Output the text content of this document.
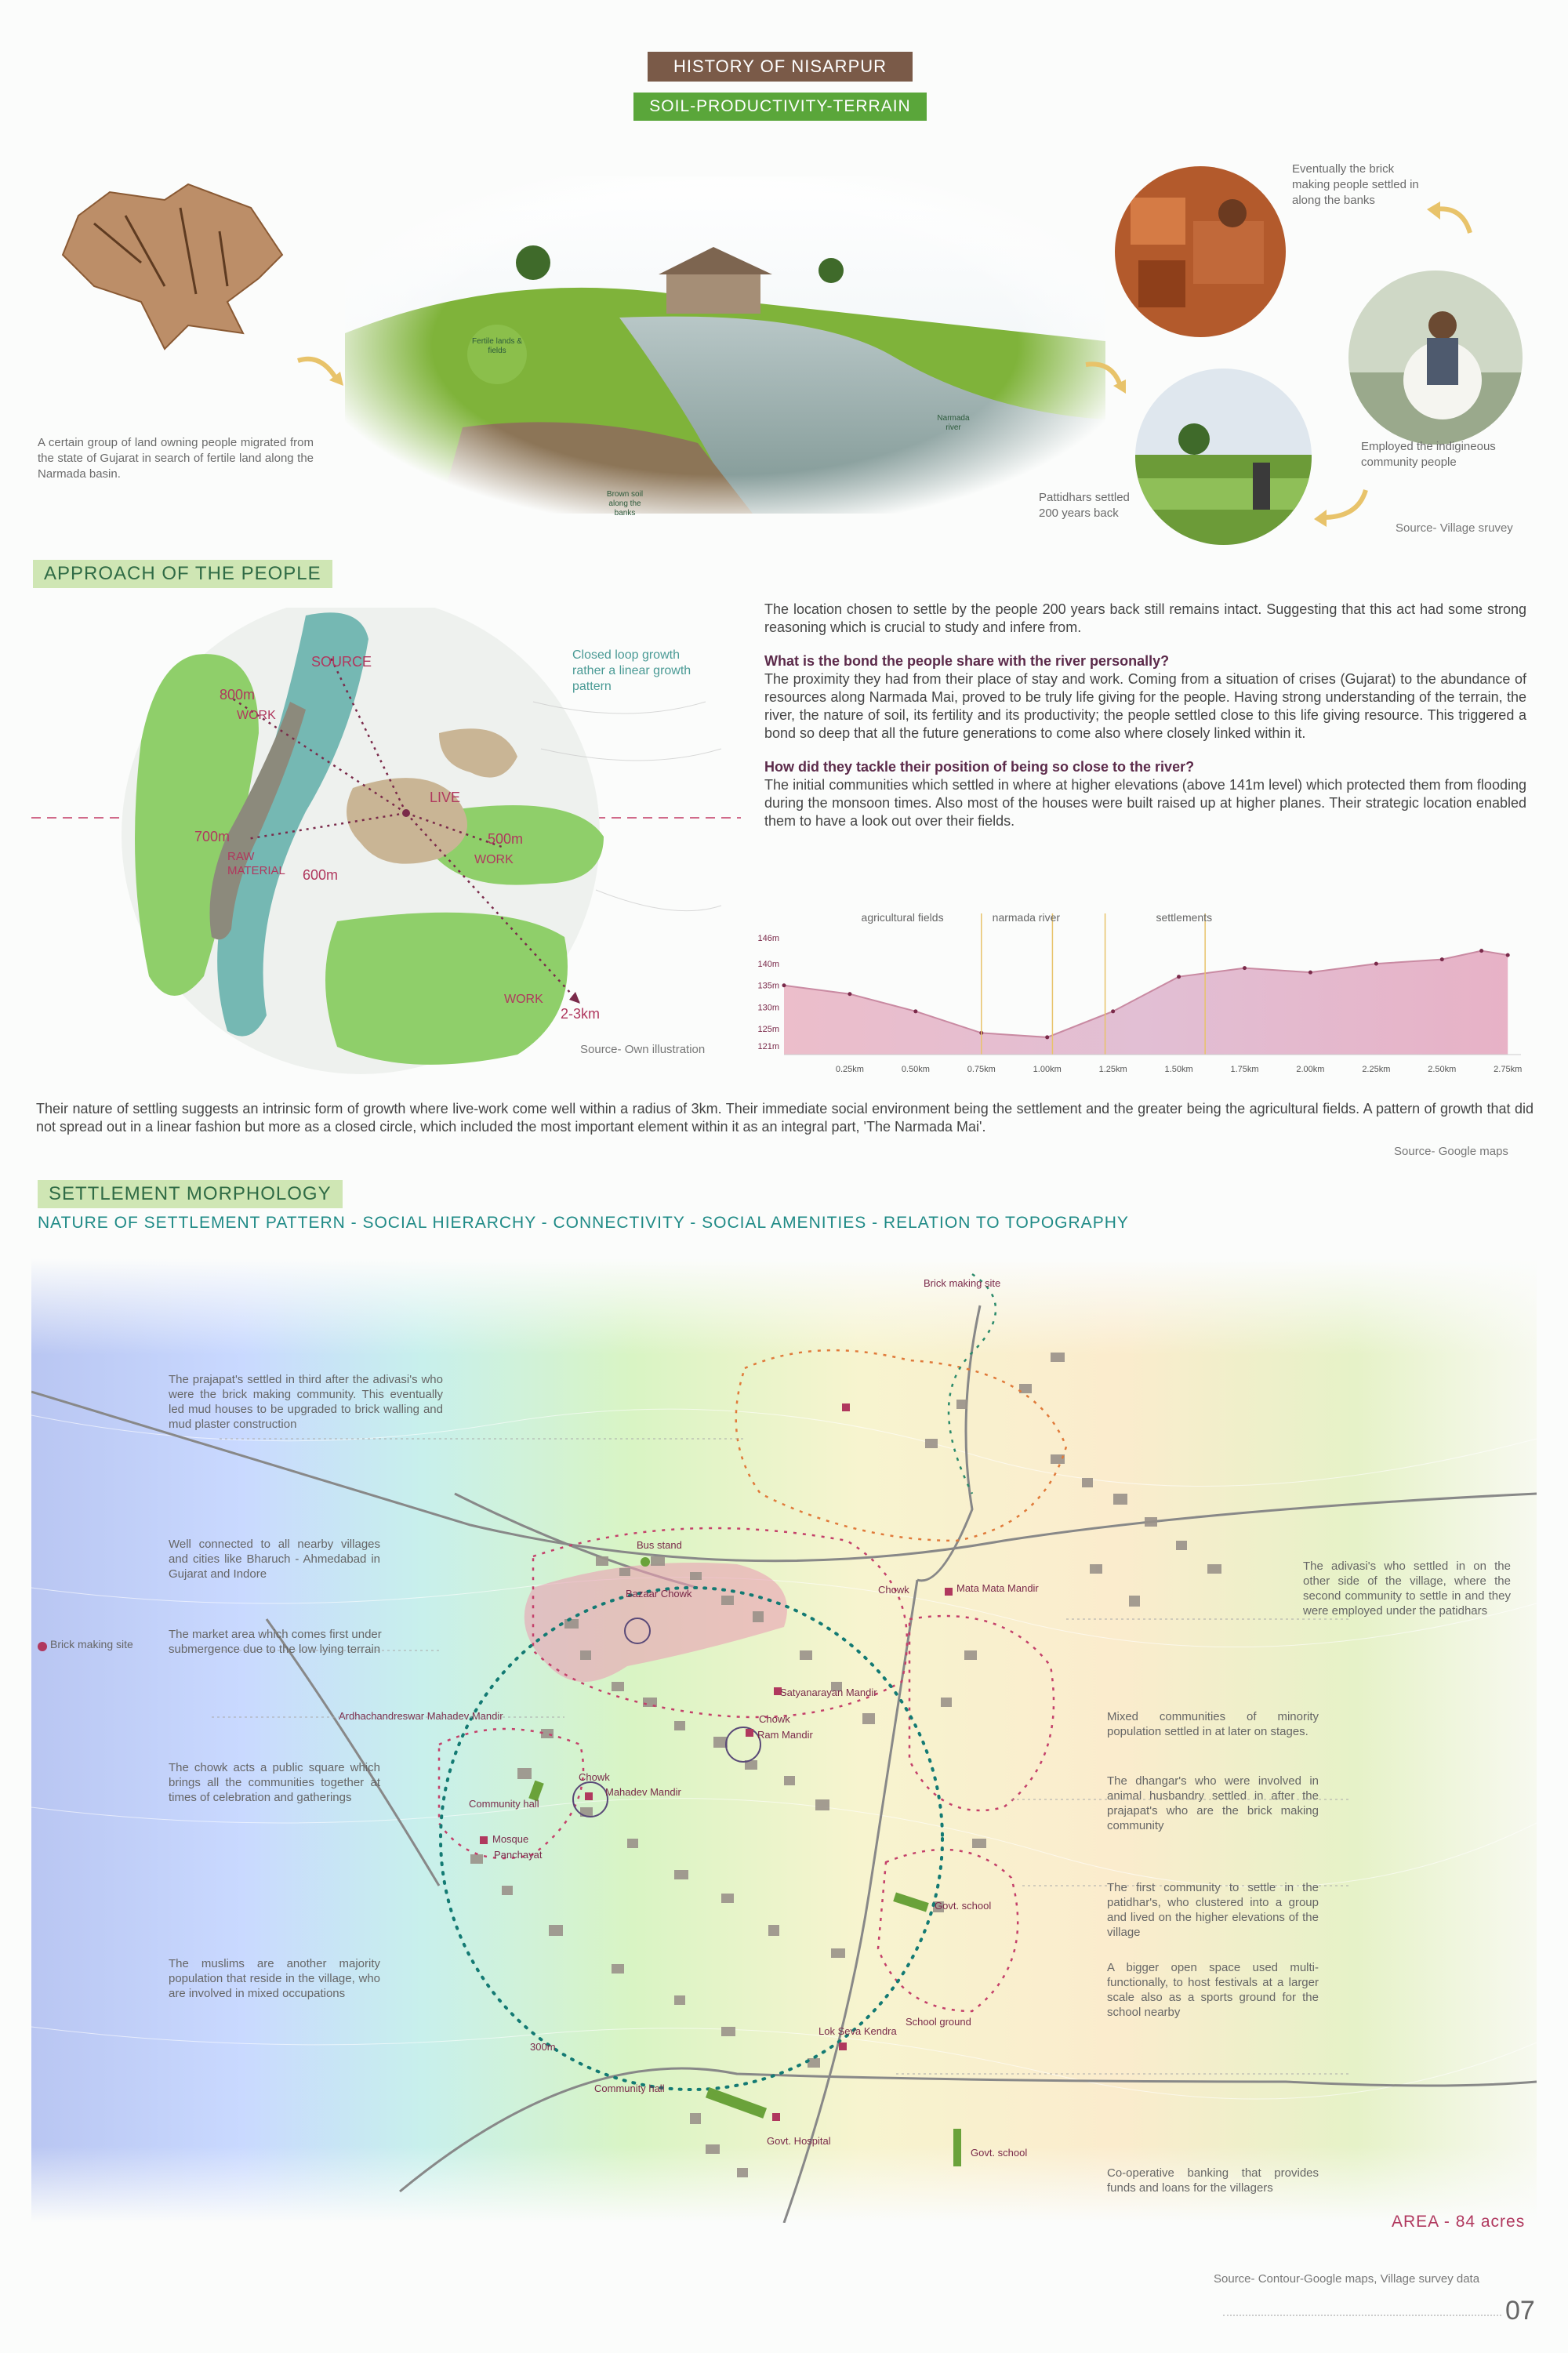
HISTORY OF NISARPUR
SOIL-PRODUCTIVITY-TERRAIN
A certain group of land owning people migrated from the state of Gujarat in search of fertile land along the Narmada basin.
Fertile lands & fields
Brown soil along the banks
Narmada river
Pattidhars settled 200 years back
Eventually the brick making people settled in along the banks
Employed the indigineous community people
Source- Village sruvey
APPROACH OF THE PEOPLE
SOURCE
800m
WORK
LIVE
700m
RAW
MATERIAL 600m
500m
WORK
WORK
2-3km
Closed loop growth rather a linear growth pattern
Source- Own illustration
The location chosen to settle by the people 200 years back still remains intact. Suggesting that this act had some strong reasoning which is crucial to study and infere from.
What is the bond the people share with the river personally?
The proximity they had from their place of stay and work. Coming from a situation of crises (Gujarat) to the abundance of resources along Narmada Mai, proved to be truly life giving for the people. Having strong understanding of the terrain, the river, the nature of soil, its fertility and its productivity; the people settled close to this life giving resource. This triggered a bond so deep that all the future generations to come also where closely linked within it.
How did they tackle their position of being so close to the river?
The initial communities which settled in where at higher elevations (above 141m level) which protected them from flooding during the monsoon times. Also most of the houses were built raised up at higher planes. Their strategic location enabled them to have a look out over their fields.
agricultural fields	narmada river	settlements
146m
140m
135m
130m
125m
121m
0.25km	0.50km	0.75km	1.00km	1.25km	1.50km	1.75km	2.00km	2.25km	2.50km	2.75km
Their nature of settling suggests an intrinsic form of growth where live-work come well within a radius of 3km. Their immediate social environment being the settlement and the greater being the agricultural fields. A pattern of growth that did not spread out in a linear fashion but more as a closed circle, which included the most important element within it as an integral part, 'The Narmada Mai'.
Source- Google maps
SETTLEMENT MORPHOLOGY
NATURE OF SETTLEMENT PATTERN - SOCIAL HIERARCHY - CONNECTIVITY - SOCIAL AMENITIES - RELATION TO TOPOGRAPHY
Brick making site
Bus stand
Bazaar Chowk	Chowk	Mata Mata Mandir
Satyanarayan Mandir
Chowk
Ram Mandir
Chowk
Mahadev Mandir
Ardhachandreswar Mahadev Mandir
Community hall
Mosque
Panchayat
Govt. school
School ground
Lok Seva Kendra
Community hall
Govt. Hospital
Govt. school
300m
Brick making site
The prajapat's settled in third after the adivasi's who were the brick making community. This eventually led mud houses to be upgraded to brick walling and mud plaster construction
Well connected to all nearby villages and cities like Bharuch - Ahmedabad in Gujarat and Indore
The market area which comes first under submergence due to the low lying terrain
The chowk acts a public square which brings all the communities together at times of celebration and gatherings
The muslims are another majority population that reside in the village, who are involved in mixed occupations
The adivasi's who settled in on the other side of the village, where the second community to settle in and they were employed under the patidhars
Mixed communities of minority population settled in at later on stages.
The dhangar's who were involved in animal husbandry settled in after the prajapat's who are the brick making community
The first community to settle in the patidhar's, who clustered into a group and lived on the higher elevations of the village
A bigger open space used multi-functionally, to host festivals at a larger scale also as a sports ground for the school nearby
Co-operative banking that provides funds and loans for the villagers
AREA - 84 acres
Source- Contour-Google maps, Village survey data
07
